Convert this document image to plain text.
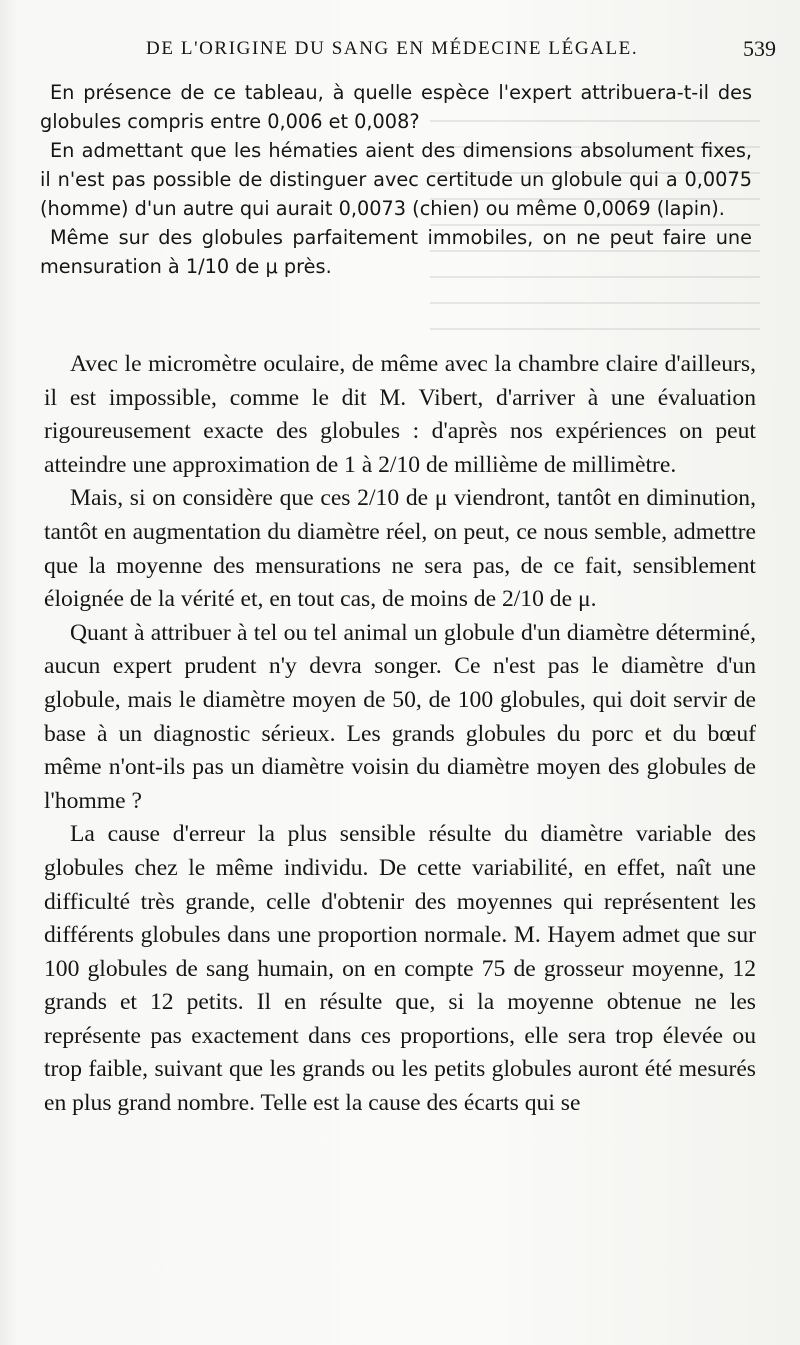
DE L'ORIGINE DU SANG EN MÉDECINE LÉGALE.	539

En présence de ce tableau, à quelle espèce l'expert attribuera-t-il des globules compris entre 0,006 et 0,008?

En admettant que les hématies aient des dimensions absolument fixes, il n'est pas possible de distinguer avec certitude un globule qui a 0,0075 (homme) d'un autre qui aurait 0,0073 (chien) ou même 0,0069 (lapin).

Même sur des globules parfaitement immobiles, on ne peut faire une mensuration à 1/10 de μ près.

Avec le micromètre oculaire, de même avec la chambre claire d'ailleurs, il est impossible, comme le dit M. Vibert, d'arriver à une évaluation rigoureusement exacte des globules : d'après nos expériences on peut atteindre une approximation de 1 à 2/10 de millième de millimètre.

Mais, si on considère que ces 2/10 de μ viendront, tantôt en diminution, tantôt en augmentation du diamètre réel, on peut, ce nous semble, admettre que la moyenne des mensurations ne sera pas, de ce fait, sensiblement éloignée de la vérité et, en tout cas, de moins de 2/10 de μ.

Quant à attribuer à tel ou tel animal un globule d'un diamètre déterminé, aucun expert prudent n'y devra songer. Ce n'est pas le diamètre d'un globule, mais le diamètre moyen de 50, de 100 globules, qui doit servir de base à un diagnostic sérieux. Les grands globules du porc et du bœuf même n'ont-ils pas un diamètre voisin du diamètre moyen des globules de l'homme ?

La cause d'erreur la plus sensible résulte du diamètre variable des globules chez le même individu. De cette variabilité, en effet, naît une difficulté très grande, celle d'obtenir des moyennes qui représentent les différents globules dans une proportion normale. M. Hayem admet que sur 100 globules de sang humain, on en compte 75 de grosseur moyenne, 12 grands et 12 petits. Il en résulte que, si la moyenne obtenue ne les représente pas exactement dans ces proportions, elle sera trop élevée ou trop faible, suivant que les grands ou les petits globules auront été mesurés en plus grand nombre. Telle est la cause des écarts qui se
